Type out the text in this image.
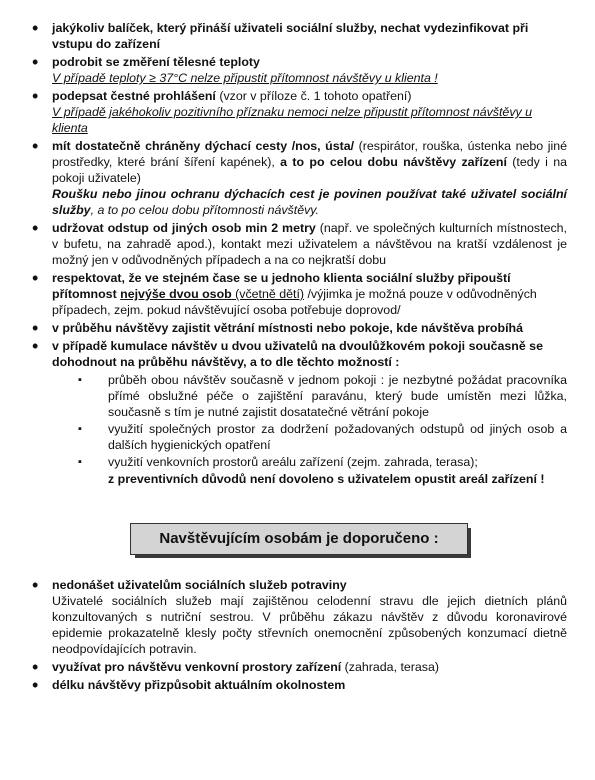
• jakýkoliv balíček, který přináší uživateli sociální služby, nechat vydezinfikovat při vstupu do zařízení
• podrobit se změření tělesné teploty
V případě teploty ≥ 37°C nelze připustit přítomnost návštěvy u klienta !
• podepsat čestné prohlášení (vzor v příloze č. 1 tohoto opatření)
V případě jakéhokoliv pozitivního příznaku nemoci nelze připustit přítomnost návštěvy u klienta
• mít dostatečně chráněny dýchací cesty /nos, ústa/ (respirátor, rouška, ústenka nebo jiné prostředky, které brání šíření kapének), a to po celou dobu návštěvy zařízení (tedy i na pokoji uživatele)
Roušku nebo jinou ochranu dýchacích cest je povinen používat také uživatel sociální služby, a to po celou dobu přítomnosti návštěvy.
• udržovat odstup od jiných osob min 2 metry (např. ve společných kulturních místnostech, v bufetu, na zahradě apod.), kontakt mezi uživatelem a návštěvou na kratší vzdálenost je možný jen v odůvodněných případech a na co nejkratší dobu
• respektovat, že ve stejném čase se u jednoho klienta sociální služby připouští přítomnost nejvýše dvou osob (včetně dětí) /výjimka je možná pouze v odůvodněných případech, zejm. pokud návštěvující osoba potřebuje doprovod/
• v průběhu návštěvy zajistit větrání místnosti nebo pokoje, kde návštěva probíhá
• v případě kumulace návštěv u dvou uživatelů na dvoulůžkovém pokoji současně se dohodnout na průběhu návštěvy, a to dle těchto možností :
▪ průběh obou návštěv současně v jednom pokoji : je nezbytné požádat pracovníka přímé obslužné péče o zajištění paravánu, který bude umístěn mezi lůžka, současně s tím je nutné zajistit dosatatečné větrání pokoje
▪ využití společných prostor za dodržení požadovaných odstupů od jiných osob a dalších hygienických opatření
▪ využití venkovních prostorů areálu zařízení (zejm. zahrada, terasa);
z preventivních důvodů není dovoleno s uživatelem opustit areál zařízení !
Navštěvujícím osobám je doporučeno :
• nedonášet uživatelům sociálních služeb potraviny
Uživatelé sociálních služeb mají zajištěnou celodenní stravu dle jejich dietních plánů konzultovaných s nutriční sestrou. V průběhu zákazu návštěv z důvodu koronavirové epidemie prokazatelně klesly počty střevních onemocnění způsobených konzumací dietně neodpovídajících potravin.
• využívat pro návštěvu venkovní prostory zařízení (zahrada, terasa)
• délku návštěvy přizpůsobit aktuálním okolnostem
